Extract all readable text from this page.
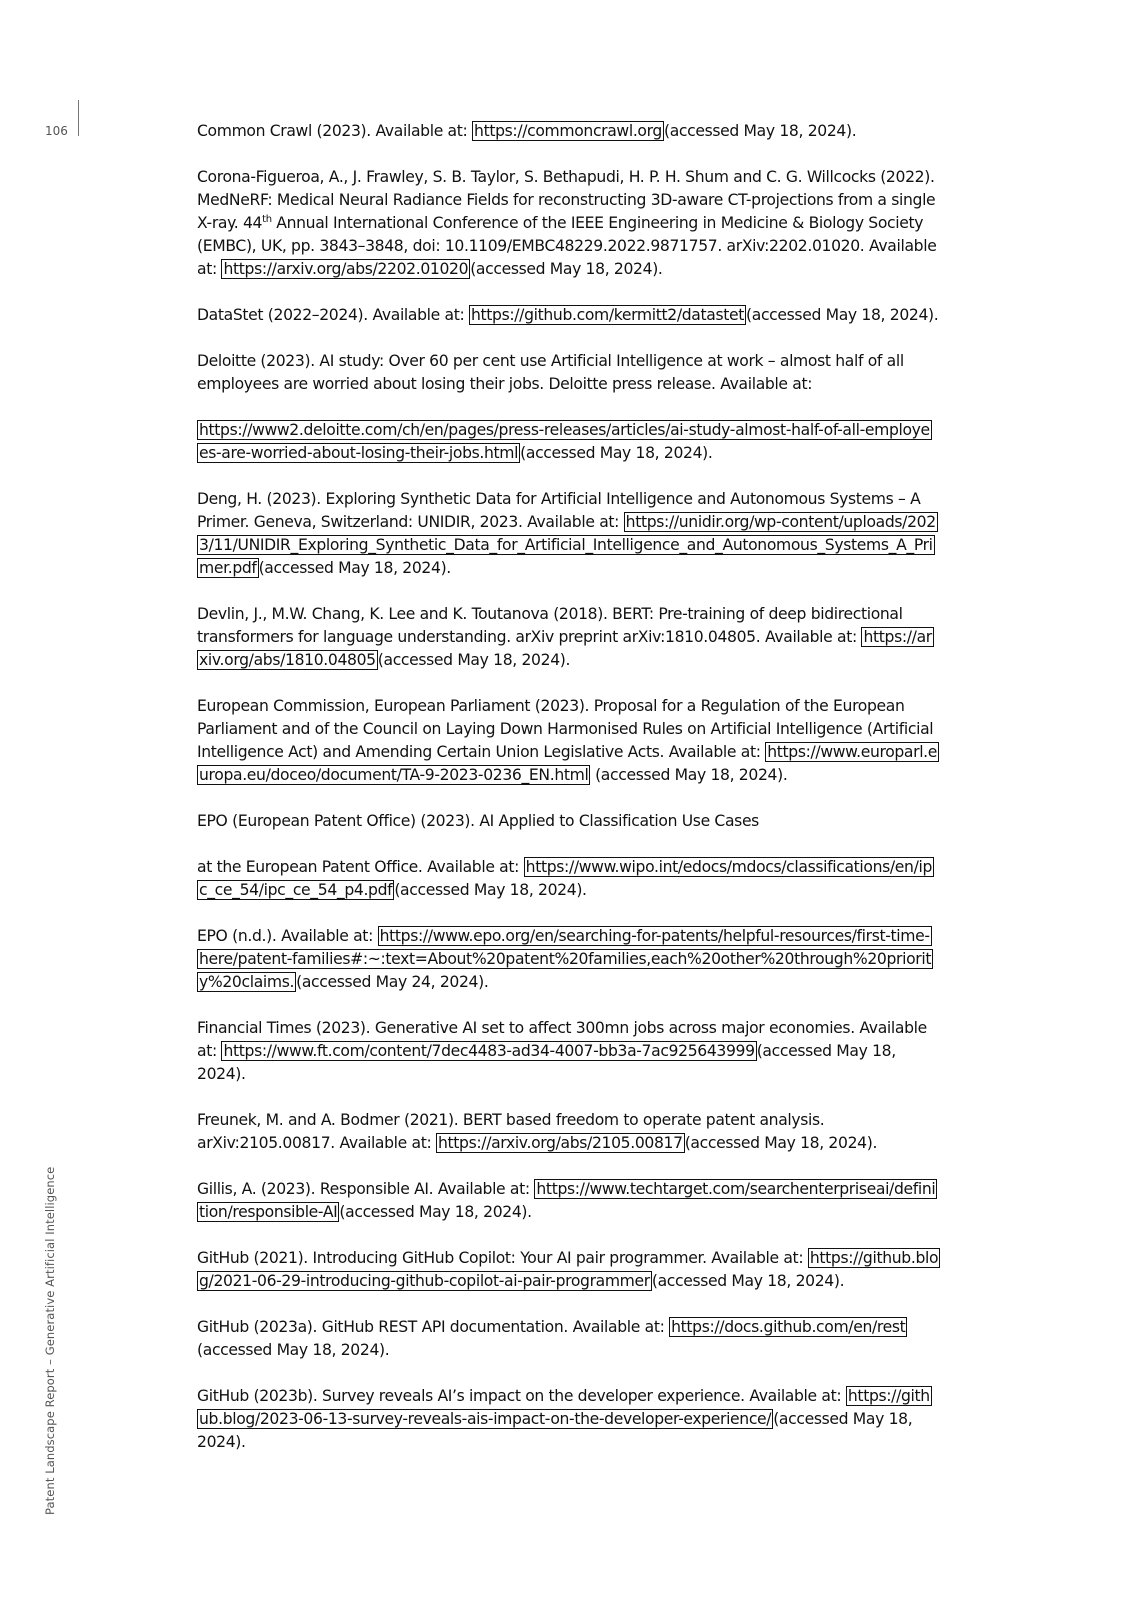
106
Patent Landscape Report – Generative Artificial Intelligence

Common Crawl (2023). Available at: https://commoncrawl.org (accessed May 18, 2024).

Corona-Figueroa, A., J. Frawley, S. B. Taylor, S. Bethapudi, H. P. H. Shum and C. G. Willcocks (2022). MedNeRF: Medical Neural Radiance Fields for reconstructing 3D-aware CT-projections from a single X-ray. 44th Annual International Conference of the IEEE Engineering in Medicine & Biology Society (EMBC), UK, pp. 3843–3848, doi: 10.1109/EMBC48229.2022.9871757. arXiv:2202.01020. Available at: https://arxiv.org/abs/2202.01020 (accessed May 18, 2024).

DataStet (2022–2024). Available at: https://github.com/kermitt2/datastet (accessed May 18, 2024).

Deloitte (2023). AI study: Over 60 per cent use Artificial Intelligence at work – almost half of all employees are worried about losing their jobs. Deloitte press release. Available at:

https://www2.deloitte.com/ch/en/pages/press-releases/articles/ai-study-almost-half-of-all-employees-are-worried-about-losing-their-jobs.html (accessed May 18, 2024).

Deng, H. (2023). Exploring Synthetic Data for Artificial Intelligence and Autonomous Systems – A Primer. Geneva, Switzerland: UNIDIR, 2023. Available at: https://unidir.org/wp-content/uploads/2023/11/UNIDIR_Exploring_Synthetic_Data_for_Artificial_Intelligence_and_Autonomous_Systems_A_Primer.pdf (accessed May 18, 2024).

Devlin, J., M.W. Chang, K. Lee and K. Toutanova (2018). BERT: Pre-training of deep bidirectional transformers for language understanding. arXiv preprint arXiv:1810.04805. Available at: https://arxiv.org/abs/1810.04805 (accessed May 18, 2024).

European Commission, European Parliament (2023). Proposal for a Regulation of the European Parliament and of the Council on Laying Down Harmonised Rules on Artificial Intelligence (Artificial Intelligence Act) and Amending Certain Union Legislative Acts. Available at: https://www.europarl.europa.eu/doceo/document/TA-9-2023-0236_EN.html (accessed May 18, 2024).

EPO (European Patent Office) (2023). AI Applied to Classification Use Cases

at the European Patent Office. Available at: https://www.wipo.int/edocs/mdocs/classifications/en/ipc_ce_54/ipc_ce_54_p4.pdf (accessed May 18, 2024).

EPO (n.d.). Available at: https://www.epo.org/en/searching-for-patents/helpful-resources/first-time-here/patent-families#:~:text=About%20patent%20families,each%20other%20through%20priority%20claims. (accessed May 24, 2024).

Financial Times (2023). Generative AI set to affect 300mn jobs across major economies. Available at: https://www.ft.com/content/7dec4483-ad34-4007-bb3a-7ac925643999 (accessed May 18, 2024).

Freunek, M. and A. Bodmer (2021). BERT based freedom to operate patent analysis. arXiv:2105.00817. Available at: https://arxiv.org/abs/2105.00817 (accessed May 18, 2024).

Gillis, A. (2023). Responsible AI. Available at: https://www.techtarget.com/searchenterpriseai/definition/responsible-AI (accessed May 18, 2024).

GitHub (2021). Introducing GitHub Copilot: Your AI pair programmer. Available at: https://github.blog/2021-06-29-introducing-github-copilot-ai-pair-programmer (accessed May 18, 2024).

GitHub (2023a). GitHub REST API documentation. Available at: https://docs.github.com/en/rest(accessed May 18, 2024).

GitHub (2023b). Survey reveals AI’s impact on the developer experience. Available at: https://github.blog/2023-06-13-survey-reveals-ais-impact-on-the-developer-experience/ (accessed May 18, 2024).
